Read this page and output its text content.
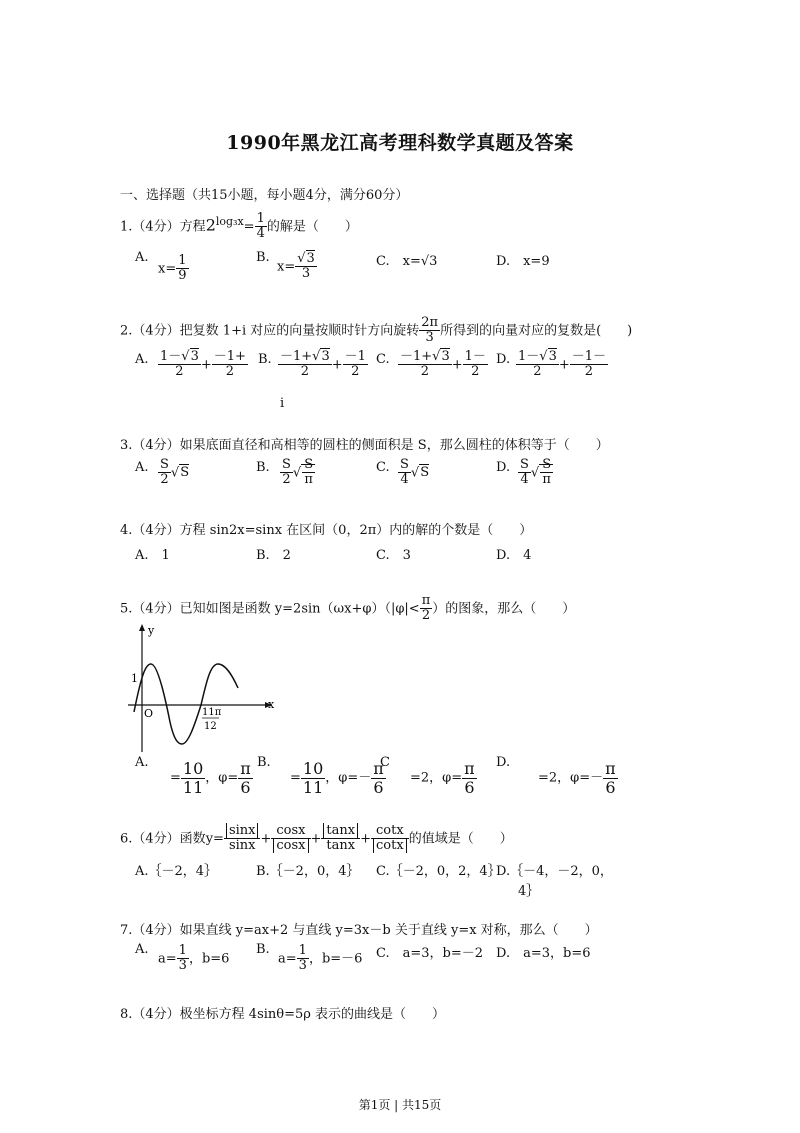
1990年黑龙江高考理科数学真题及答案
一、选择题（共15小题，每小题4分，满分60分）
1.（4分）方程$2^{log_3x}= \frac{1}{4}$ 的解是（　　）
A.
$x= \frac{1}{9}$	B.
$x= \frac{√3}{3}$	C.　x=√3	D.　x=9
2.（4分）把复数 1+i 对应的向量按顺时针方向旋转 $\frac{2\pi}{3}$ 所得到的向量对应的复数是(　　)
A. $\frac{1-√3}{2} + \frac{-1+}{2} B$. $\frac{-1+√3}{2} + \frac{-1}{2}$
i
C. $\frac{-1+√3}{2} + \frac{1-}{2} D$. $\frac{1-√3}{2} + \frac{-1-}{2}$
3.（4分）如果底面直径和高相等的圆柱的侧面积是 S，那么圆柱的体积等于（　　）
A. $\frac{S}{2} √S$	B. $\frac{S}{2}$ √ $\frac{S}{\pi}$	C. $\frac{S}{4} √S$	D. $\frac{S}{4}$ √ $\frac{S}{\pi}$
4.（4分）方程 sin2x=sinx 在区间（0，2π）内的解的个数是（　　）
A.　1	B.　2	C.　3	D.　4
5.（4分）已知如图是函数 $y=2\sin(\omega x+\varphi)(|\varphi|< \frac{\pi}{2}$ ）的图象，那么（　　）
y
x
1
O	11π
12
A.
= $\frac{10}{11}$ ，$\varphi= \frac{\pi}{6} B$.
= $\frac{10}{11}$ ，$\varphi=- \frac{\pi}{6}$
C
=2，$\varphi= \frac{\pi}{6} D$.
=2，$\varphi=- \frac{\pi}{6}$
6.（4分）函数$y= \frac{\sin x}{\sin x} + \frac{\cos x}{\cos x} + \frac{\tan x}{\tan x} + \frac{\cot x}{\cot x}$ 的值域是（　　）
A.｛－2，4｝	B.｛－2，0，4｝ C.｛－2，0，2，4｝
D.｛－4，－2，0，
4｝
7.（4分）如果直线 y=ax+2 与直线 y=3x－b 关于直线 y=x 对称，那么（　　）
A.
$a= \frac{1}{3}$ ，b=6
B.
$a= \frac{1}{3}$ ，b=－6 C.　a=3，b=－2 D.　a=3，b=6
8.（4分）极坐标方程 4sinθ=5ρ 表示的曲线是（　　）
第1页 | 共15页
